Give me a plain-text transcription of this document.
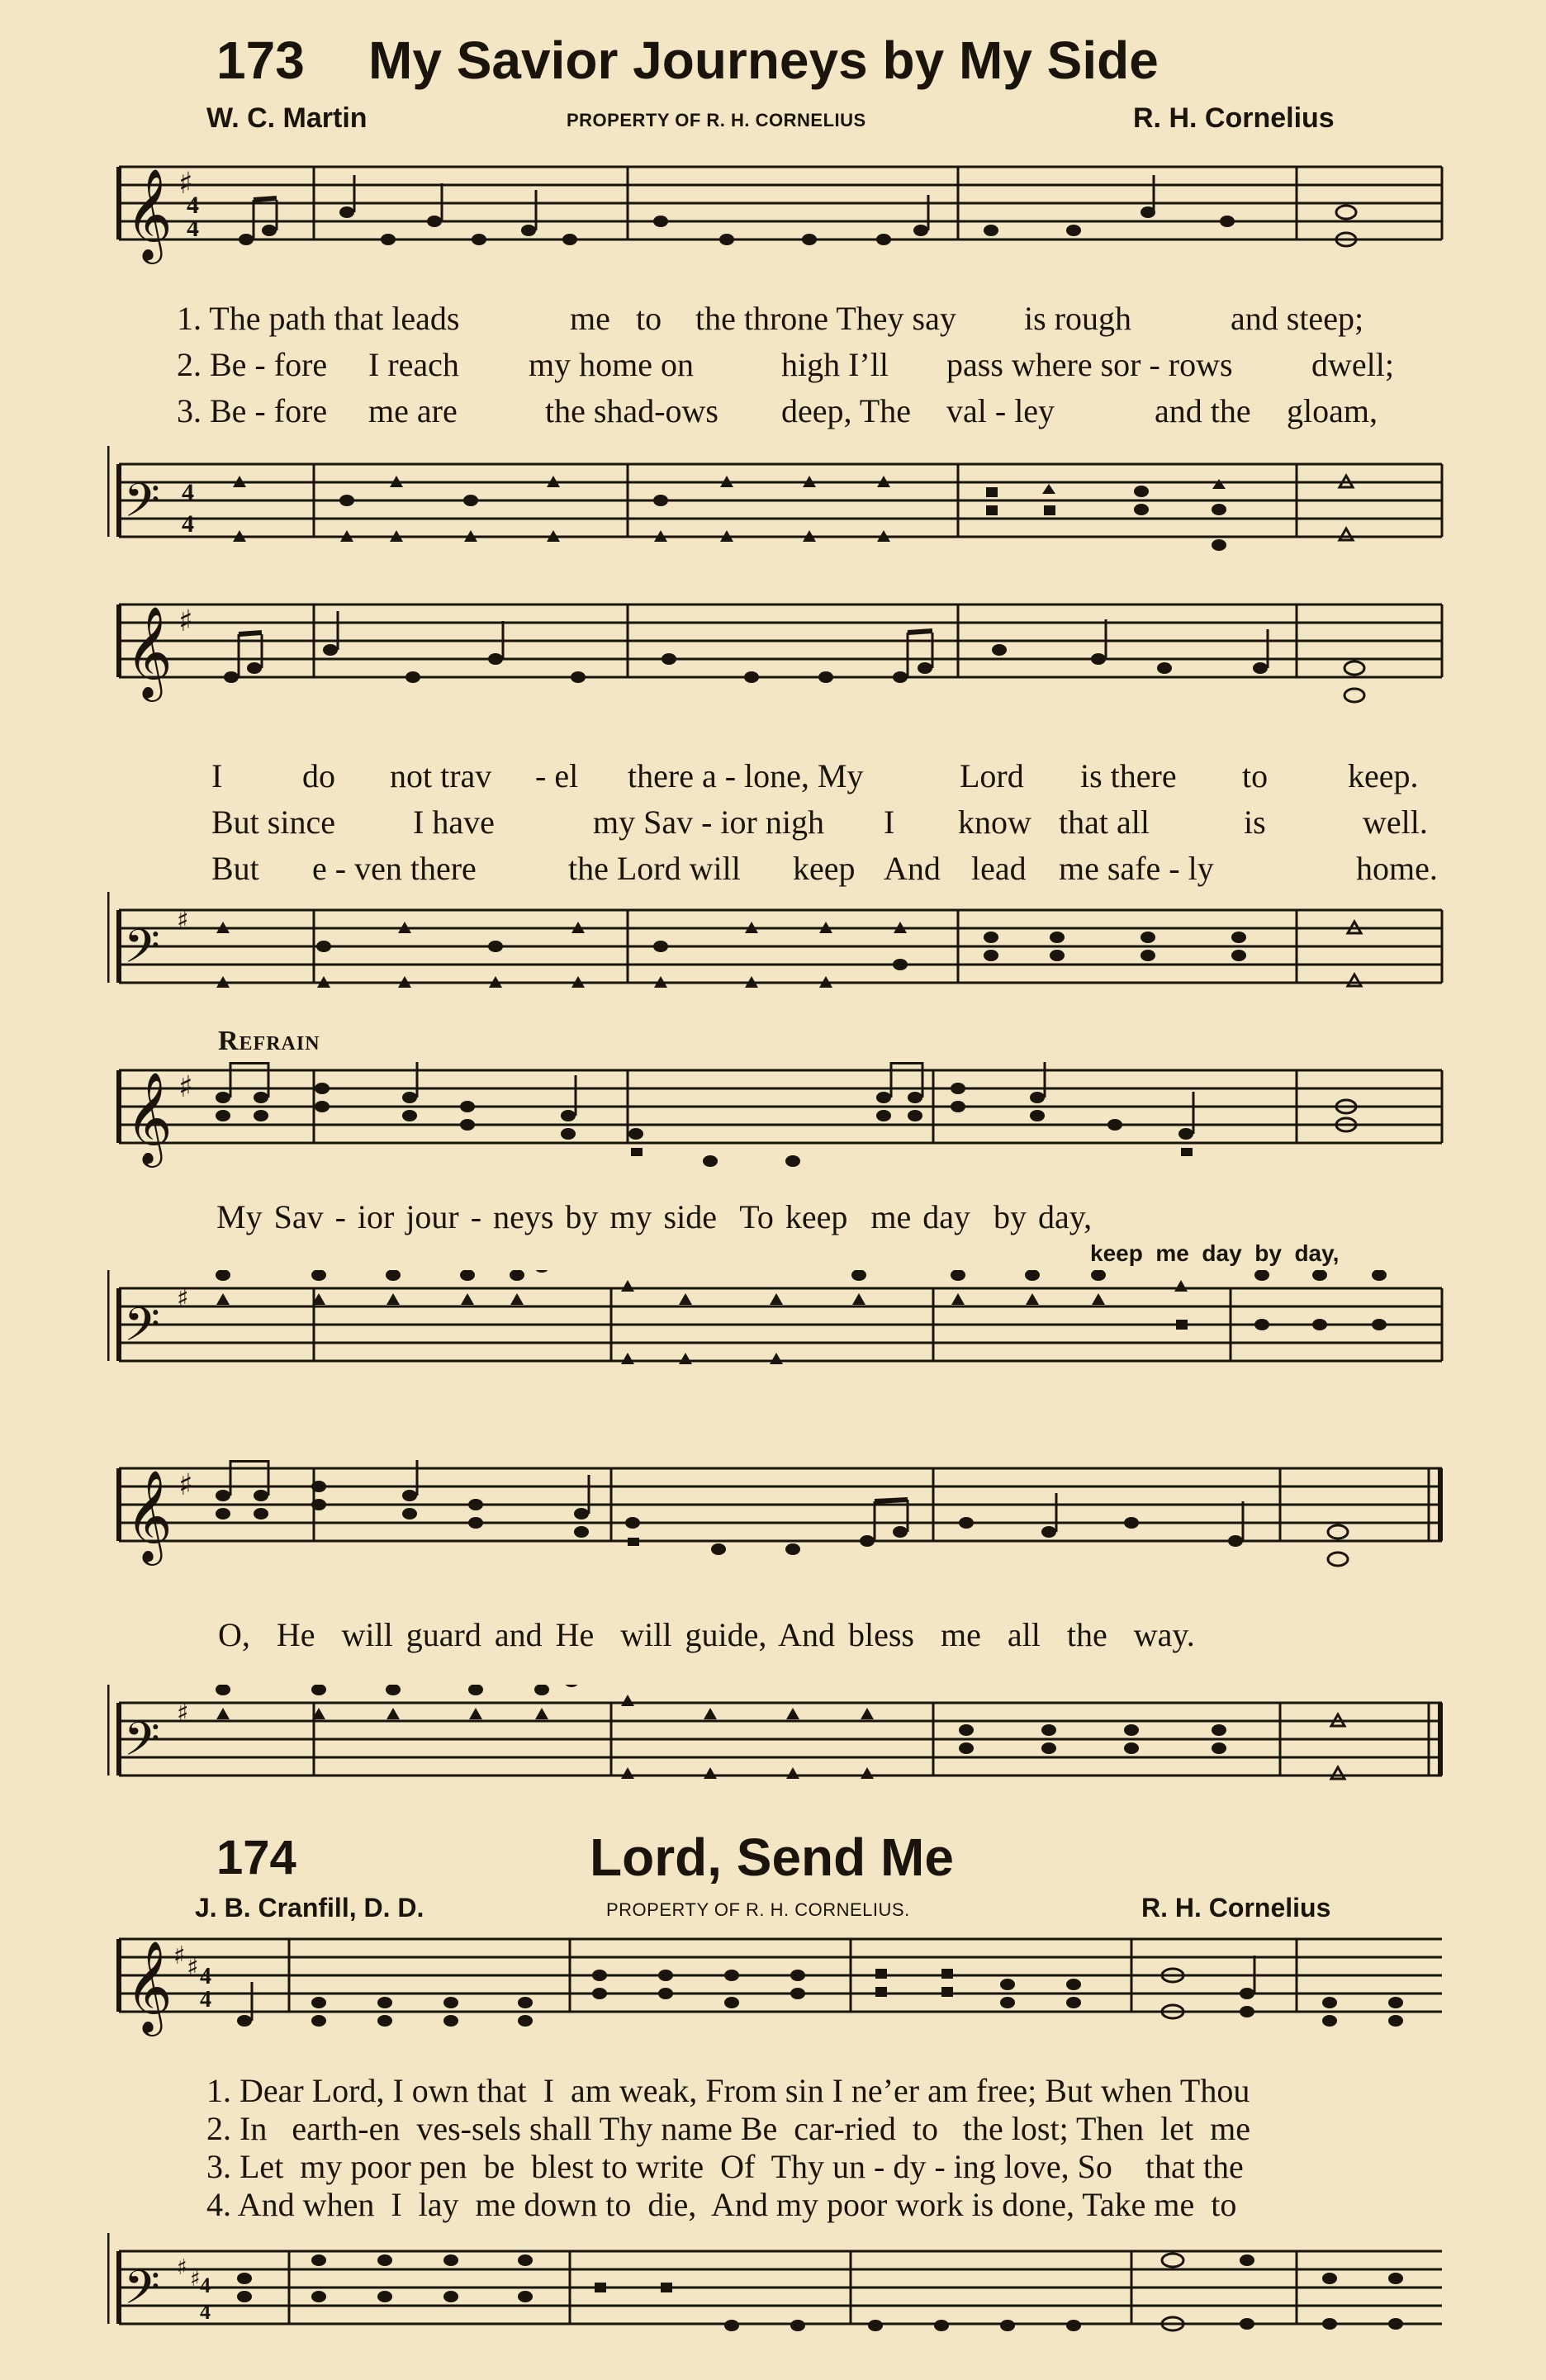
173 My Savior Journeys by My Side
W. C. Martin	PROPERTY OF R. H. CORNELIUS	R. H. Cornelius
𝄞 ♯
4
4

1. The path that leads

	me

to

the throne They say

is rough

	and steep;

2. Be - fore

I reach

my home on

	high I’ll

pass where sor - rows

dwell;

3. Be - fore

me are

	the shad-ows

deep, The

val - ley

	and the

gloam,

𝄢 4
4
𝄞 ♯

I

do

not trav

- el

there a - lone, My

	Lord

is there

to

keep.

But since

I have

	my Sav - ior nigh

I

know

that all

	is

	well.

But

e - ven there

	the Lord will

keep

And

lead

me safe - ly

	home.

𝄢 ♯
Refrain
𝄞 ♯

My Sav - ior jour - neys by my side  To keep  me day  by day,

keep  me  day  by  day,

𝄢 ♯
𝄞 ♯

O,  He  will guard and He  will guide, And bless  me  all  the  way.

𝄢 ♯
174	Lord, Send Me
J. B. Cranfill, D. D.	PROPERTY OF R. H. CORNELIUS.	R. H. Cornelius
𝄞 ♯ ♯ 4
4

1. Dear Lord, I own that  I  am weak, From sin I ne’er am free; But when Thou

2. In   earth-en  ves-sels shall Thy name Be  car-ried  to   the lost; Then  let  me

3. Let  my poor pen  be  blest to write  Of  Thy un - dy - ing love, So    that the

4. And when  I  lay  me down to  die,  And my poor work is done, Take me  to

𝄢 ♯ ♯ 4
4
